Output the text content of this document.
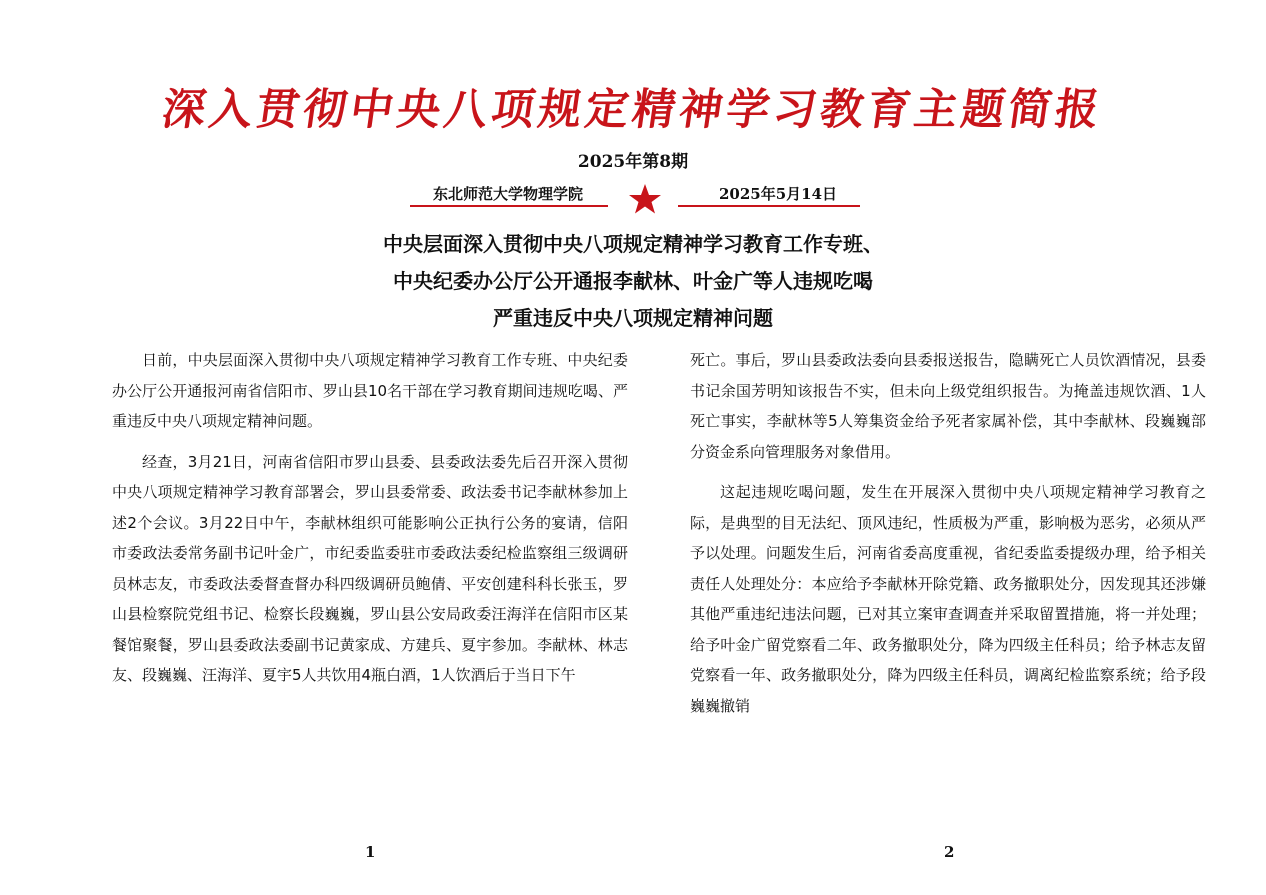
深入贯彻中央八项规定精神学习教育主题简报
2025年第8期
东北师范大学物理学院	2025年5月14日
中央层面深入贯彻中央八项规定精神学习教育工作专班、
中央纪委办公厅公开通报李献林、叶金广等人违规吃喝
严重违反中央八项规定精神问题

日前，中央层面深入贯彻中央八项规定精神学习教育工作专班、中央纪委办公厅公开通报河南省信阳市、罗山县10名干部在学习教育期间违规吃喝、严重违反中央八项规定精神问题。

经查，3月21日，河南省信阳市罗山县委、县委政法委先后召开深入贯彻中央八项规定精神学习教育部署会，罗山县委常委、政法委书记李献林参加上述2个会议。3月22日中午，李献林组织可能影响公正执行公务的宴请，信阳市委政法委常务副书记叶金广，市纪委监委驻市委政法委纪检监察组三级调研员林志友，市委政法委督查督办科四级调研员鲍倩、平安创建科科长张玉，罗山县检察院党组书记、检察长段巍巍，罗山县公安局政委汪海洋在信阳市区某餐馆聚餐，罗山县委政法委副书记黄家成、方建兵、夏宇参加。李献林、林志友、段巍巍、汪海洋、夏宇5人共饮用4瓶白酒，1人饮酒后于当日下午

死亡。事后，罗山县委政法委向县委报送报告，隐瞒死亡人员饮酒情况，县委书记余国芳明知该报告不实，但未向上级党组织报告。为掩盖违规饮酒、1人死亡事实，李献林等5人筹集资金给予死者家属补偿，其中李献林、段巍巍部分资金系向管理服务对象借用。

这起违规吃喝问题，发生在开展深入贯彻中央八项规定精神学习教育之际，是典型的目无法纪、顶风违纪，性质极为严重，影响极为恶劣，必须从严予以处理。问题发生后，河南省委高度重视，省纪委监委提级办理，给予相关责任人处理处分：本应给予李献林开除党籍、政务撤职处分，因发现其还涉嫌其他严重违纪违法问题，已对其立案审查调查并采取留置措施，将一并处理；给予叶金广留党察看二年、政务撤职处分，降为四级主任科员；给予林志友留党察看一年、政务撤职处分，降为四级主任科员，调离纪检监察系统；给予段巍巍撤销

1	2
